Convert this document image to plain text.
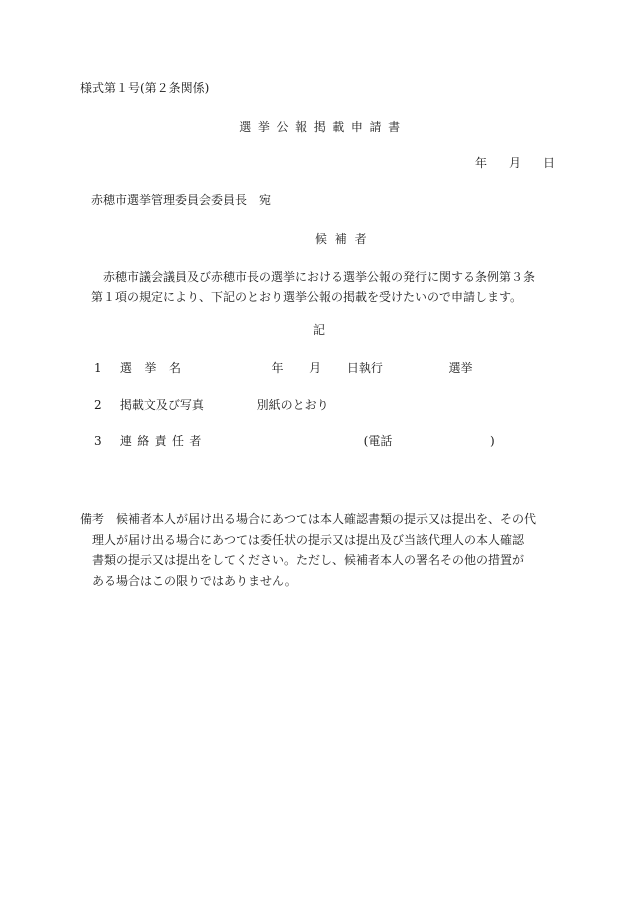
様式第１号(第２条関係)
選挙公報掲載申請書
年 月 日
赤穂市選挙管理委員会委員長　宛
候補者
赤穂市議会議員及び赤穂市長の選挙における選挙公報の発行に関する条例第３条第１項の規定により、下記のとおり選挙公報の掲載を受けたいので申請します。
記
1 選挙名	年 月 日執行	選挙
2 掲載文及び写真	別紙のとおり
3 連絡責任者	(電話	)
備考 候補者本人が届け出る場合にあつては本人確認書類の提示又は提出を、その代
理人が届け出る場合にあつては委任状の提示又は提出及び当該代理人の本人確認
書類の提示又は提出をしてください。ただし、候補者本人の署名その他の措置が
ある場合はこの限りではありません。
